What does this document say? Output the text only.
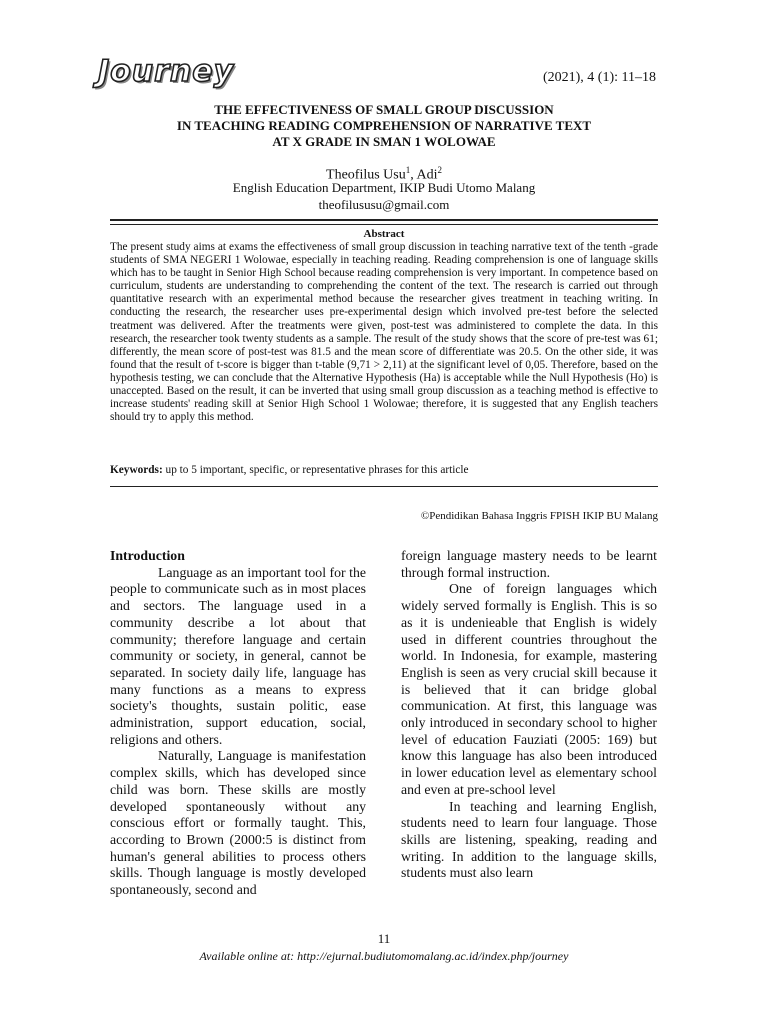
Journey	(2021), 4 (1): 11–18
THE EFFECTIVENESS OF SMALL GROUP DISCUSSION
IN TEACHING READING COMPREHENSION OF NARRATIVE TEXT
AT X GRADE IN SMAN 1 WOLOWAE
Theofilus Usu$^1$, Adi$^2$
English Education Department, IKIP Budi Utomo Malang
theofilususu@gmail.com
Abstract
The present study aims at exams the effectiveness of small group discussion in teaching narrative text of the tenth -grade students of SMA NEGERI 1 Wolowae, especially in teaching reading. Reading comprehension is one of language skills which has to be taught in Senior High School because reading comprehension is very important. In competence based on curriculum, students are understanding to comprehending the content of the text. The research is carried out through quantitative research with an experimental method because the researcher gives treatment in teaching writing. In conducting the research, the researcher uses pre-experimental design which involved pre-test before the selected treatment was delivered. After the treatments were given, post-test was administered to complete the data. In this research, the researcher took twenty students as a sample. The result of the study shows that the score of pre-test was 61; differently, the mean score of post-test was 81.5 and the mean score of differentiate was 20.5. On the other side, it was found that the result of t-score is bigger than t-table (9,71 > 2,11) at the significant level of 0,05. Therefore, based on the hypothesis testing, we can conclude that the Alternative Hypothesis (Ha) is acceptable while the Null Hypothesis (Ho) is unaccepted. Based on the result, it can be inverted that using small group discussion as a teaching method is effective to increase students' reading skill at Senior High School 1 Wolowae; therefore, it is suggested that any English teachers should try to apply this method.
Keywords: up to 5 important, specific, or representative phrases for this article
©Pendidikan Bahasa Inggris FPISH IKIP BU Malang

Introduction

Language as an important tool for the people to communicate such as in most places and sectors. The language used in a community describe a lot about that community; therefore language and certain community or society, in general, cannot be separated. In society daily life, language has many functions as a means to express society's thoughts, sustain politic, ease administration, support education, social, religions and others.

Naturally, Language is manifestation complex skills, which has developed since child was born. These skills are mostly developed spontaneously without any conscious effort or formally taught. This, according to Brown (2000:5 is distinct from human's general abilities to process others skills. Though language is mostly developed spontaneously, second and

foreign language mastery needs to be learnt through formal instruction.

One of foreign languages which widely served formally is English. This is so as it is undenieable that English is widely used in different countries throughout the world. In Indonesia, for example, mastering English is seen as very crucial skill because it is believed that it can bridge global communication. At first, this language was only introduced in secondary school to higher level of education Fauziati (2005: 169) but know this language has also been introduced in lower education level as elementary school and even at pre-school level

In teaching and learning English, students need to learn four language. Those skills are listening, speaking, reading and writing. In addition to the language skills, students must also learn

11
Available online at: http://ejurnal.budiutomomalang.ac.id/index.php/journey
